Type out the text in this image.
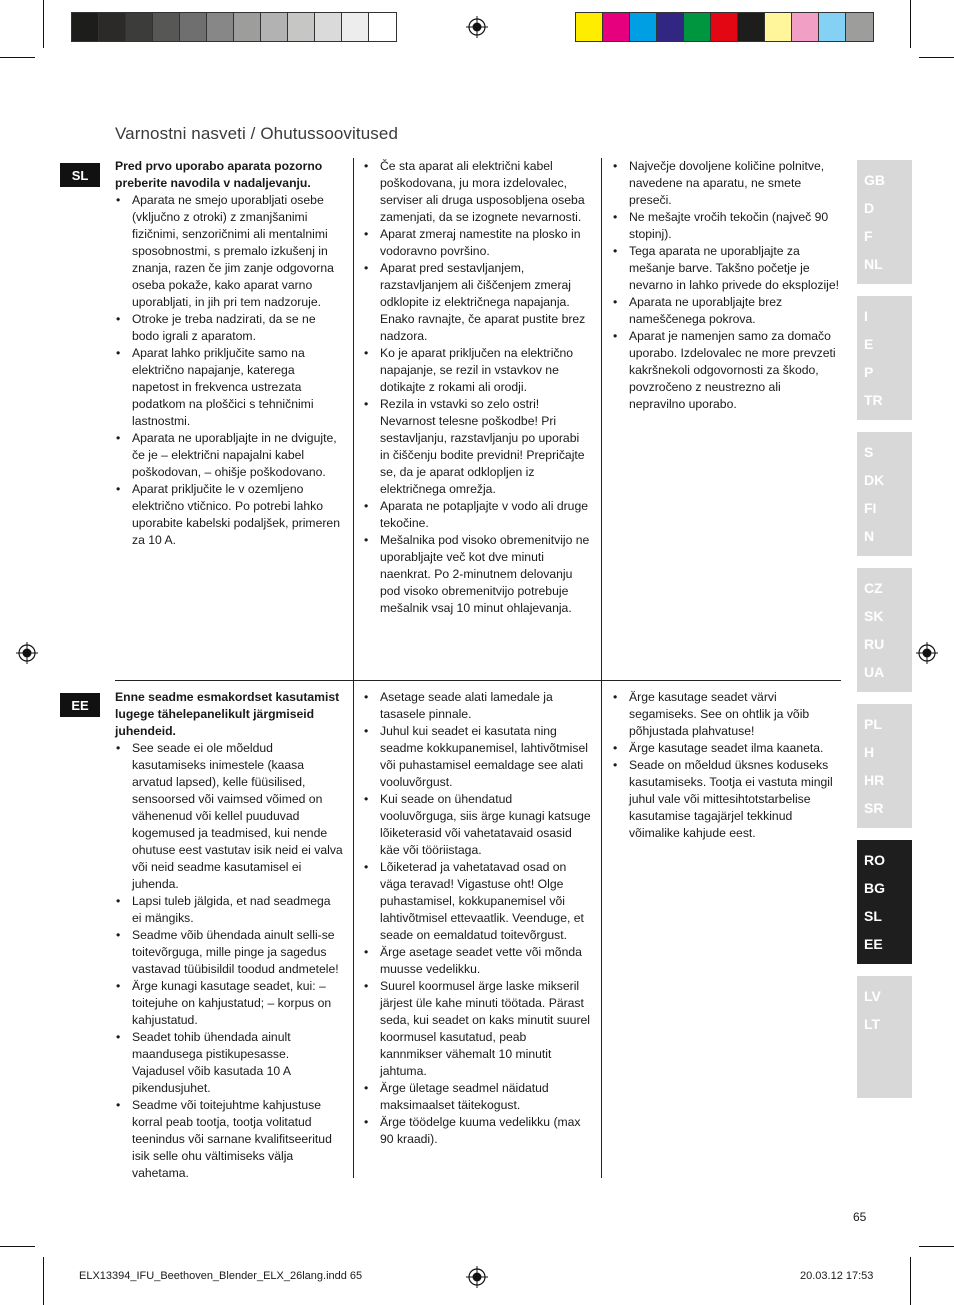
Varnostni nasveti / Ohutussoovitused
SL

Pred prvo uporabo aparata pozorno preberite navodila v nadaljevanju.

• Aparata ne smejo uporabljati osebe (vključno z otroki) z zmanjšanimi fizičnimi, senzoričnimi ali mentalnimi sposobnostmi, s premalo izkušenj in znanja, razen če jim zanje odgovorna oseba pokaže, kako aparat varno uporabljati, in jih pri tem nadzoruje.
• Otroke je treba nadzirati, da se ne bodo igrali z aparatom.
• Aparat lahko priključite samo na električno napajanje, katerega napetost in frekvenca ustrezata podatkom na ploščici s tehničnimi lastnostmi.
• Aparata ne uporabljajte in ne dvigujte, če je – električni napajalni kabel poškodovan, – ohišje poškodovano.
• Aparat priključite le v ozemljeno električno vtičnico. Po potrebi lahko uporabite kabelski podaljšek, primeren za 10 A.
• Če sta aparat ali električni kabel poškodovana, ju mora izdelovalec, serviser ali druga usposobljena oseba zamenjati, da se izognete nevarnosti.
• Aparat zmeraj namestite na plosko in vodoravno površino.
• Aparat pred sestavljanjem, razstavljanjem ali čiščenjem zmeraj odklopite iz električnega napajanja. Enako ravnajte, če aparat pustite brez nadzora.
• Ko je aparat priključen na električno napajanje, se rezil in vstavkov ne dotikajte z rokami ali orodji.
• Rezila in vstavki so zelo ostri! Nevarnost telesne poškodbe! Pri sestavljanju, razstavljanju po uporabi in čiščenju bodite previdni! Prepričajte se, da je aparat odklopljen iz električnega omrežja.
• Aparata ne potapljajte v vodo ali druge tekočine.
• Mešalnika pod visoko obremenitvijo ne uporabljajte več kot dve minuti naenkrat. Po 2-minutnem delovanju pod visoko obremenitvijo potrebuje mešalnik vsaj 10 minut ohlajevanja.
• Največje dovoljene količine polnitve, navedene na aparatu, ne smete preseči.
• Ne mešajte vročih tekočin (največ 90 stopinj).
• Tega aparata ne uporabljajte za mešanje barve. Takšno početje je nevarno in lahko privede do eksplozije!
• Aparata ne uporabljajte brez nameščenega pokrova.
• Aparat je namenjen samo za domačo uporabo. Izdelovalec ne more prevzeti kakršnekoli odgovornosti za škodo, povzročeno z neustrezno ali nepravilno uporabo.
EE

Enne seadme esmakordset kasutamist lugege tähelepanelikult järgmiseid juhendeid.

• See seade ei ole mõeldud kasutamiseks inimestele (kaasa arvatud lapsed), kelle füüsilised, sensoorsed või vaimsed võimed on vähenenud või kellel puuduvad kogemused ja teadmised, kui nende ohutuse eest vastutav isik neid ei valva või neid seadme kasutamisel ei juhenda.
• Lapsi tuleb jälgida, et nad seadmega ei mängiks.
• Seadme võib ühendada ainult selli-se toitevõrguga, mille pinge ja sagedus vastavad tüübisildil toodud andmetele!
• Ärge kunagi kasutage seadet, kui: – toitejuhe on kahjustatud; – korpus on kahjustatud.
• Seadet tohib ühendada ainult maandusega pistikupesasse. Vajadusel võib kasutada 10 A pikendusjuhet.
• Seadme või toitejuhtme kahjustuse korral peab tootja, tootja volitatud teenindus või sarnane kvalifitseeritud isik selle ohu vältimiseks välja vahetama.
• Asetage seade alati lamedale ja tasasele pinnale.
• Juhul kui seadet ei kasutata ning seadme kokkupanemisel, lahtivõtmisel või puhastamisel eemaldage see alati vooluvõrgust.
• Kui seade on ühendatud vooluvõrguga, siis ärge kunagi katsuge lõiketerasid või vahetatavaid osasid käe või tööriistaga.
• Lõiketerad ja vahetatavad osad on väga teravad! Vigastuse oht! Olge puhastamisel, kokkupanemisel või lahtivõtmisel ettevaatlik. Veenduge, et seade on eemaldatud toitevõrgust.
• Ärge asetage seadet vette või mõnda muusse vedelikku.
• Suurel koormusel ärge laske mikseril järjest üle kahe minuti töötada. Pärast seda, kui seadet on kaks minutit suurel koormusel kasutatud, peab kannmikser vähemalt 10 minutit jahtuma.
• Ärge ületage seadmel näidatud maksimaalset täitekogust.
• Ärge töödelge kuuma vedelikku (max 90 kraadi).
• Ärge kasutage seadet värvi segamiseks. See on ohtlik ja võib põhjustada plahvatuse!
• Ärge kasutage seadet ilma kaaneta.
• Seade on mõeldud üksnes koduseks kasutamiseks. Tootja ei vastuta mingil juhul vale või mittesihtotstarbelise kasutamise tagajärjel tekkinud võimalike kahjude eest.
GB
D
F
NL
I
E
P
TR
S
DK
FI
N
CZ
SK
RU
UA
PL
H
HR
SR
RO
BG
SL
EE
LV
LT
65
ELX13394_IFU_Beethoven_Blender_ELX_26lang.indd 65	20.03.12 17:53
